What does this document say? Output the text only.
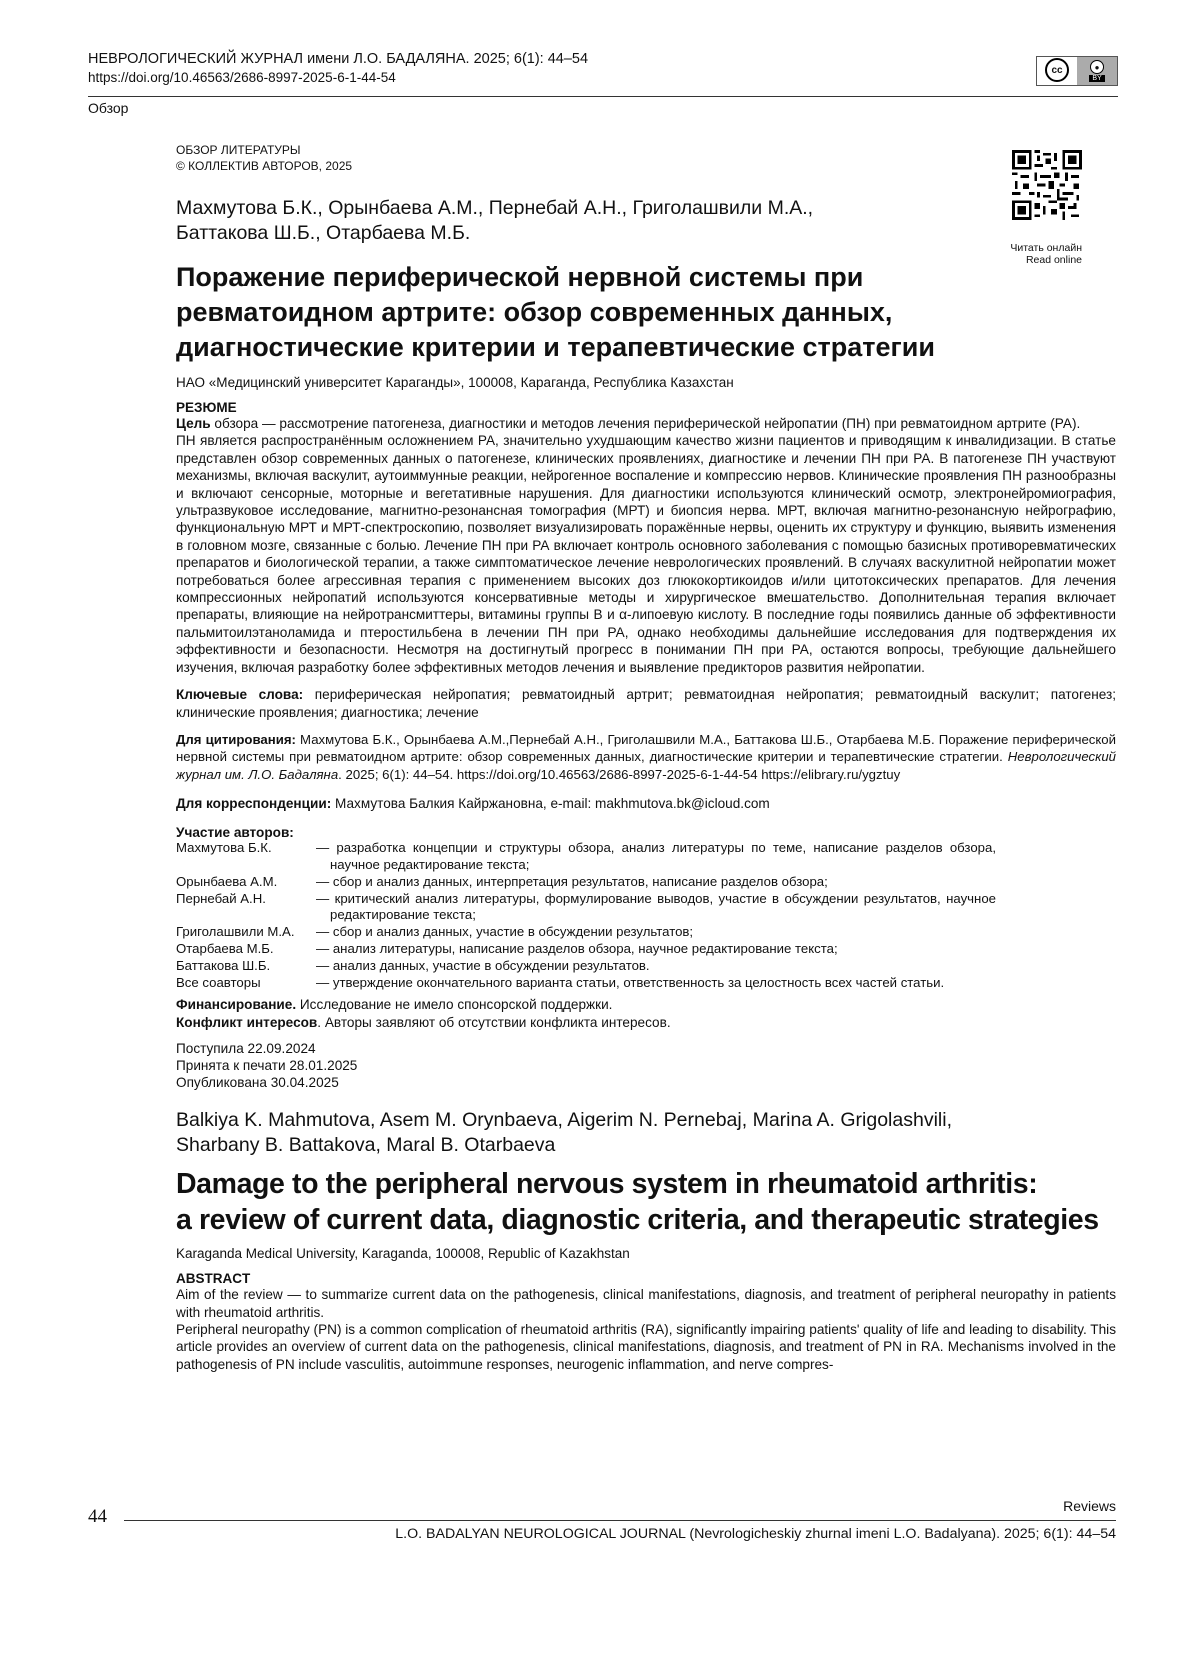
НЕВРОЛОГИЧЕСКИЙ ЖУРНАЛ имени Л.О. БАДАЛЯНА. 2025; 6(1): 44–54
https://doi.org/10.46563/2686-8997-2025-6-1-44-54	cc	●
BY
Обзор
Читать онлайн
Read online
ОБЗОР ЛИТЕРАТУРЫ
© КОЛЛЕКТИВ АВТОРОВ, 2025
Махмутова Б.К., Орынбаева А.М., Пернебай А.Н., Григолашвили М.А.,
Баттакова Ш.Б., Отарбаева М.Б.
Поражение периферической нервной системы при ревматоидном артрите: обзор современных данных, диагностические критерии и терапевтические стратегии
НАО «Медицинский университет Караганды», 100008, Караганда, Республика Казахстан
РЕЗЮМЕ

Цель обзора — рассмотрение патогенеза, диагностики и методов лечения периферической нейропатии (ПН) при ревматоидном артрите (РА).

ПН является распространённым осложнением РА, значительно ухудшающим качество жизни пациентов и приводящим к инвалидизации. В статье представлен обзор современных данных о патогенезе, клинических проявлениях, диагностике и лечении ПН при РА. В патогенезе ПН участвуют механизмы, включая васкулит, аутоиммунные реакции, нейрогенное воспаление и компрессию нервов. Клинические проявления ПН разнообразны и включают сенсорные, моторные и вегетативные нарушения. Для диагностики используются клинический осмотр, электронейромиография, ультразвуковое исследование, магнитно-резонансная томография (МРТ) и биопсия нерва. МРТ, включая магнитно-резонансную нейрографию, функциональную МРТ и МРТ-спектроскопию, позволяет визуализировать поражённые нервы, оценить их структуру и функцию, выявить изменения в головном мозге, связанные с болью. Лечение ПН при РА включает контроль основного заболевания с помощью базисных противоревматических препаратов и биологической терапии, а также симптоматическое лечение неврологических проявлений. В случаях васкулитной нейропатии может потребоваться более агрессивная терапия с применением высоких доз глюкокортикоидов и/или цитотоксических препаратов. Для лечения компрессионных нейропатий используются консервативные методы и хирургическое вмешательство. Дополнительная терапия включает препараты, влияющие на нейротрансмиттеры, витамины группы B и α-липоевую кислоту. В последние годы появились данные об эффективности пальмитоилэтаноламида и птеростильбена в лечении ПН при РА, однако необходимы дальнейшие исследования для подтверждения их эффективности и безопасности. Несмотря на достигнутый прогресс в понимании ПН при РА, остаются вопросы, требующие дальнейшего изучения, включая разработку более эффективных методов лечения и выявление предикторов развития нейропатии.

Ключевые слова: периферическая нейропатия; ревматоидный артрит; ревматоидная нейропатия; ревматоидный васкулит; патогенез; клинические проявления; диагностика; лечение
Для цитирования: Махмутова Б.К., Орынбаева А.М.,Пернебай А.Н., Григолашвили М.А., Баттакова Ш.Б., Отарбаева М.Б. Поражение периферической нервной системы при ревматоидном артрите: обзор современных данных, диагностические критерии и терапевтические стратегии. Неврологический журнал им. Л.О. Бадаляна. 2025; 6(1): 44–54. https://doi.org/10.46563/2686-8997-2025-6-1-44-54 https://elibrary.ru/ygztuy
Для корреспонденции: Махмутова Балкия Кайржановна, e-mail: makhmutova.bk@icloud.com
Участие авторов:
Махмутова Б.К.	— разработка концепции и структуры обзора, анализ литературы по теме, написание разделов обзора, научное редактирование текста;
Орынбаева А.М.	— сбор и анализ данных, интерпретация результатов, написание разделов обзора;
Пернебай А.Н.	— критический анализ литературы, формулирование выводов, участие в обсуждении результатов, научное редактирование текста;
Григолашвили М.А.	— сбор и анализ данных, участие в обсуждении результатов;
Отарбаева М.Б.	— анализ литературы, написание разделов обзора, научное редактирование текста;
Баттакова Ш.Б.	— анализ данных, участие в обсуждении результатов.
Все соавторы	— утверждение окончательного варианта статьи, ответственность за целостность всех частей статьи.
Финансирование. Исследование не имело спонсорской поддержки.
Конфликт интересов. Авторы заявляют об отсутствии конфликта интересов.
Поступила 22.09.2024
Принята к печати 28.01.2025
Опубликована 30.04.2025
Balkiya K. Mahmutova, Asem M. Orynbaeva, Aigerim N. Pernebaj, Marina A. Grigolashvili,
Sharbany B. Battakova, Maral B. Otarbaeva
Damage to the peripheral nervous system in rheumatoid arthritis:
a review of current data, diagnostic criteria, and therapeutic strategies
Karaganda Medical University, Karaganda, 100008, Republic of Kazakhstan
ABSTRACT

Aim of the review — to summarize current data on the pathogenesis, clinical manifestations, diagnosis, and treatment of peripheral neuropathy in patients with rheumatoid arthritis.

Peripheral neuropathy (PN) is a common complication of rheumatoid arthritis (RA), significantly impairing patients' quality of life and leading to disability. This article provides an overview of current data on the pathogenesis, clinical manifestations, diagnosis, and treatment of PN in RA. Mechanisms involved in the pathogenesis of PN include vasculitis, autoimmune responses, neurogenic inflammation, and nerve compres-

Reviews
44
L.O. BADALYAN NEUROLOGICAL JOURNAL (Nevrologicheskiy zhurnal imeni L.O. Badalyana). 2025; 6(1): 44–54
